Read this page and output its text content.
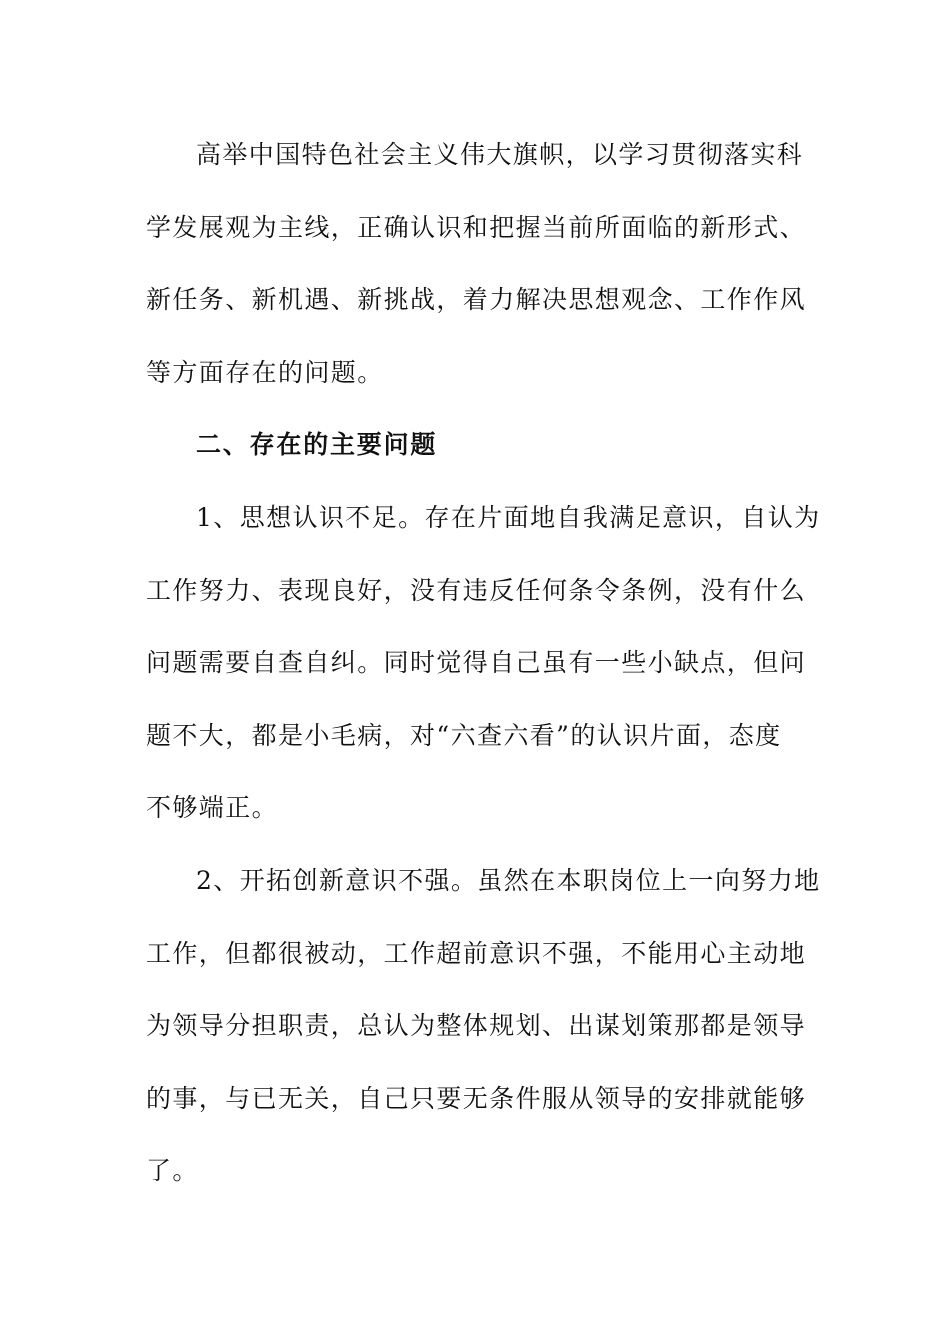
高举中国特色社会主义伟大旗帜，以学习贯彻落实科
学发展观为主线，正确认识和把握当前所面临的新形式、
新任务、新机遇、新挑战，着力解决思想观念、工作作风
等方面存在的问题。
二、存在的主要问题
1、思想认识不足。存在片面地自我满足意识，自认为
工作努力、表现良好，没有违反任何条令条例，没有什么
问题需要自查自纠。同时觉得自己虽有一些小缺点，但问
题不大，都是小毛病，对“六查六看”的认识片面，态度
不够端正。
2、开拓创新意识不强。虽然在本职岗位上一向努力地
工作，但都很被动，工作超前意识不强，不能用心主动地
为领导分担职责，总认为整体规划、出谋划策那都是领导
的事，与已无关，自己只要无条件服从领导的安排就能够
了。
